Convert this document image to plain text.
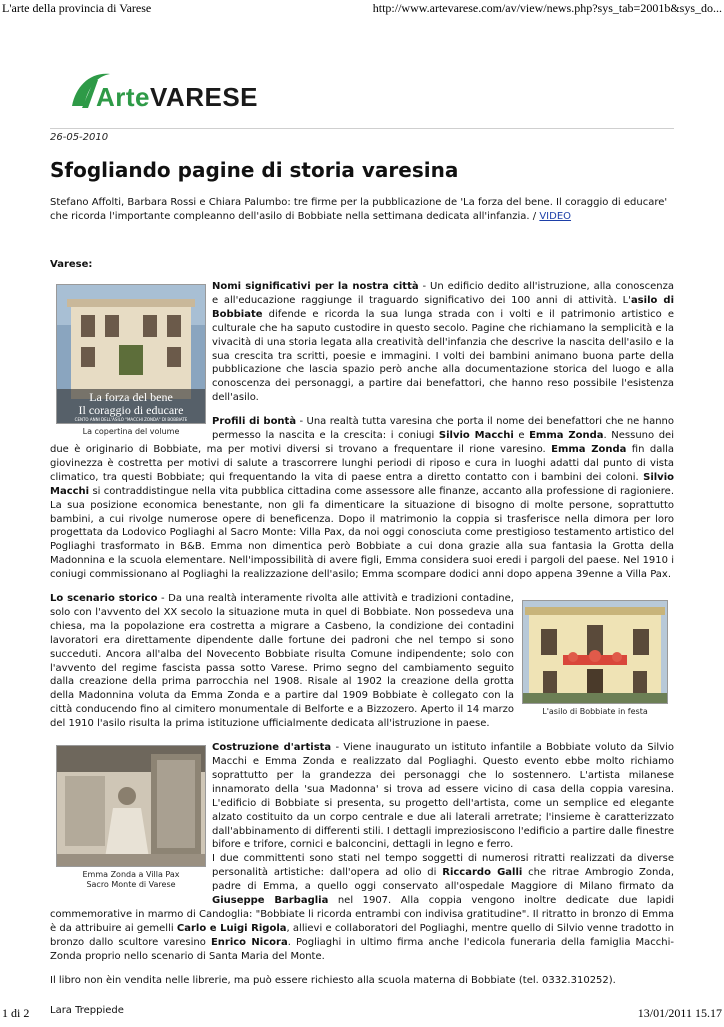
L'arte della provincia di Varese	http://www.artevarese.com/av/view/news.php?sys_tab=2001b&sys_do...
ArteVARESE
26-05-2010
Sfogliando pagine di storia varesina
Stefano Affolti, Barbara Rossi e Chiara Palumbo: tre firme per la pubblicazione de 'La forza del bene. Il coraggio di educare' che ricorda l'importante compleanno dell'asilo di Bobbiate nella settimana dedicata all'infanzia. / VIDEO
Varese:
La forza del bene
Il coraggio di educare
CENTO ANNI DELL'ASILO "MACCHI ZONDA" DI BOBBIATE
La copertina del volume

Nomi significativi per la nostra città - Un edificio dedito all'istruzione, alla conoscenza e all'educazione raggiunge il traguardo significativo dei 100 anni di attività. L'asilo di Bobbiate difende e ricorda la sua lunga strada con i volti e il patrimonio artistico e culturale che ha saputo custodire in questo secolo. Pagine che richiamano la semplicità e la vivacità di una storia legata alla creatività dell'infanzia che descrive la nascita dell'asilo e la sua crescita tra scritti, poesie e immagini. I volti dei bambini animano buona parte della pubblicazione che lascia spazio però anche alla documentazione storica del luogo e alla conoscenza dei personaggi, a partire dai benefattori, che hanno reso possibile l'esistenza dell'asilo.

Profili di bontà - Una realtà tutta varesina che porta il nome dei benefattori che ne hanno permesso la nascita e la crescita: i coniugi Silvio Macchi e Emma Zonda. Nessuno dei due è originario di Bobbiate, ma per motivi diversi si trovano a frequentare il rione varesino. Emma Zonda fin dalla giovinezza è costretta per motivi di salute a trascorrere lunghi periodi di riposo e cura in luoghi adatti dal punto di vista climatico, tra questi Bobbiate; qui frequentando la vita di paese entra a diretto contatto con i bambini dei coloni. Silvio Macchi si contraddistingue nella vita pubblica cittadina come assessore alle finanze, accanto alla professione di ragioniere. La sua posizione economica benestante, non gli fa dimenticare la situazione di bisogno di molte persone, soprattutto bambini, a cui rivolge numerose opere di beneficenza. Dopo il matrimonio la coppia si trasferisce nella dimora per loro progettata da Lodovico Pogliaghi al Sacro Monte: Villa Pax, da noi oggi conosciuta come prestigioso testamento artistico del Pogliaghi trasformato in B&B. Emma non dimentica però Bobbiate a cui dona grazie alla sua fantasia la Grotta della Madonnina e la scuola elementare. Nell'impossibilità di avere figli, Emma considera suoi eredi i pargoli del paese. Nel 1910 i coniugi commissionano al Pogliaghi la realizzazione dell'asilo; Emma scompare dodici anni dopo appena 39enne a Villa Pax.

L'asilo di Bobbiate in festa

Lo scenario storico - Da una realtà interamente rivolta alle attività e tradizioni contadine, solo con l'avvento del XX secolo la situazione muta in quel di Bobbiate. Non possedeva una chiesa, ma la popolazione era costretta a migrare a Casbeno, la condizione dei contadini lavoratori era direttamente dipendente dalle fortune dei padroni che nel tempo si sono succeduti. Ancora all'alba del Novecento Bobbiate risulta Comune indipendente; solo con l'avvento del regime fascista passa sotto Varese. Primo segno del cambiamento seguito dalla creazione della prima parrocchia nel 1908. Risale al 1902 la creazione della grotta della Madonnina voluta da Emma Zonda e a partire dal 1909 Bobbiate è collegato con la città conducendo fino al cimitero monumentale di Belforte e a Bizzozero. Aperto il 14 marzo del 1910 l'asilo risulta la prima istituzione ufficialmente dedicata all'istruzione in paese.

Emma Zonda a Villa Pax
Sacro Monte di Varese

Costruzione d'artista - Viene inaugurato un istituto infantile a Bobbiate voluto da Silvio Macchi e Emma Zonda e realizzato dal Pogliaghi. Questo evento ebbe molto richiamo soprattutto per la grandezza dei personaggi che lo sostennero. L'artista milanese innamorato della 'sua Madonna' si trova ad essere vicino di casa della coppia varesina. L'edificio di Bobbiate si presenta, su progetto dell'artista, come un semplice ed elegante alzato costituito da un corpo centrale e due ali laterali arretrate; l'insieme è caratterizzato dall'abbinamento di differenti stili. I dettagli impreziosiscono l'edificio a partire dalle finestre bifore e trifore, cornici e balconcini, dettagli in legno e ferro.

I due committenti sono stati nel tempo soggetti di numerosi ritratti realizzati da diverse personalità artistiche: dall'opera ad olio di Riccardo Galli che ritrae Ambrogio Zonda, padre di Emma, a quello oggi conservato all'ospedale Maggiore di Milano firmato da Giuseppe Barbaglia nel 1907. Alla coppia vengono inoltre dedicate due lapidi commemorative in marmo di Candoglia: "Bobbiate li ricorda entrambi con indivisa gratitudine". Il ritratto in bronzo di Emma è da attribuire ai gemelli Carlo e Luigi Rigola, allievi e collaboratori del Pogliaghi, mentre quello di Silvio venne tradotto in bronzo dallo scultore varesino Enrico Nicora. Pogliaghi in ultimo firma anche l'edicola funeraria della famiglia Macchi-Zonda proprio nello scenario di Santa Maria del Monte.

Il libro non èin vendita nelle librerie, ma può essere richiesto alla scuola materna di Bobbiate (tel. 0332.310252).

Lara Treppiede

1 di 2	13/01/2011 15.17
